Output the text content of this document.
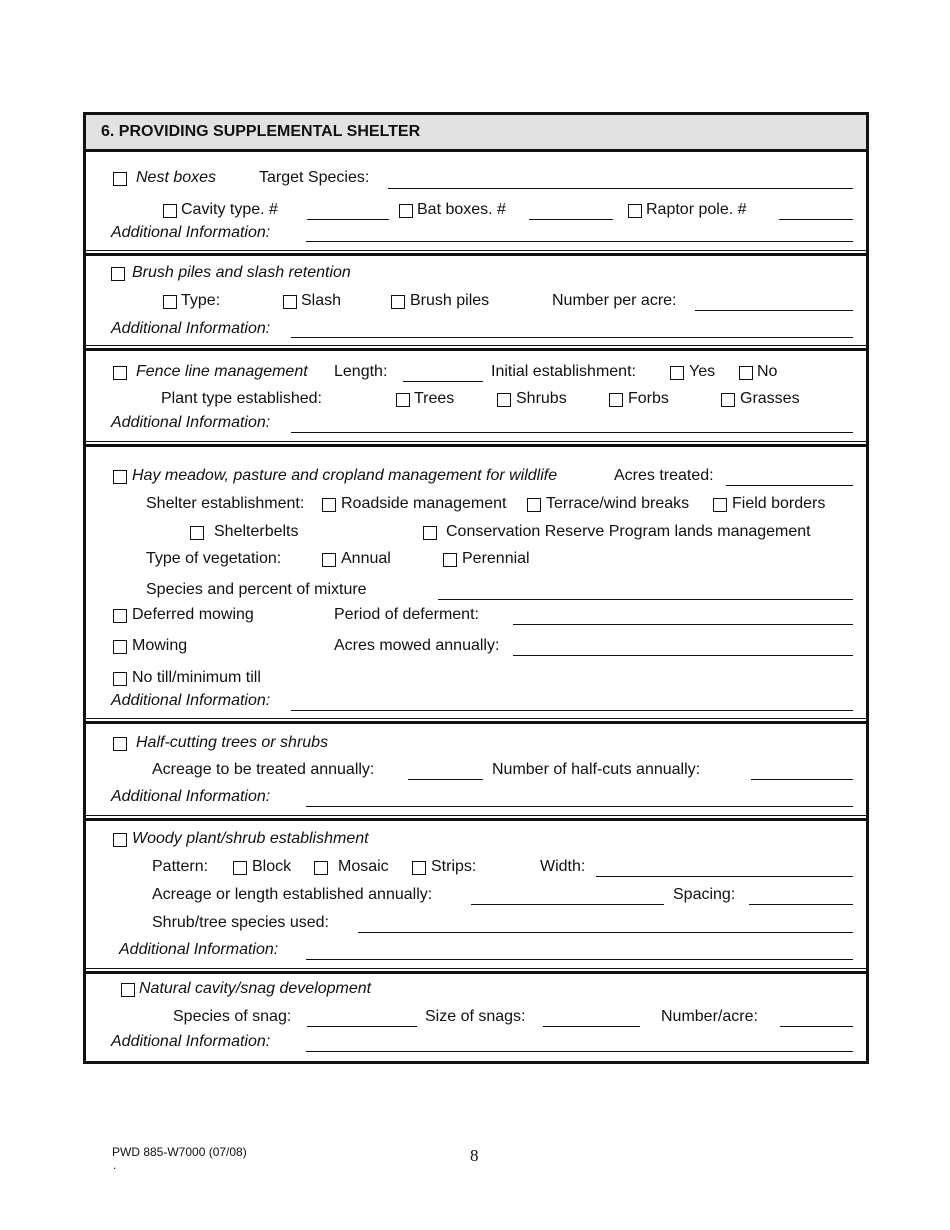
6. PROVIDING SUPPLEMENTAL SHELTER
Nest boxes	Target Species:
Cavity type. #	Bat boxes. #	Raptor pole. #
Additional Information:
Brush piles and slash retention
Type:	Slash	Brush piles	Number per acre:
Additional Information:
Fence line management Length:	Initial establishment:	Yes	No
Plant type established:	Trees	Shrubs	Forbs	Grasses
Additional Information:
Hay meadow, pasture and cropland management for wildlife	Acres treated:
Shelter establishment: Roadside management Terrace/wind breaks	Field borders
Shelterbelts	Conservation Reserve Program lands management
Type of vegetation:	Annual	Perennial
Species and percent of mixture
Deferred mowing	Period of deferment:
Mowing	Acres mowed annually:
No till/minimum till
Additional Information:
Half-cutting trees or shrubs
Acreage to be treated annually:	Number of half-cuts annually:
Additional Information:
Woody plant/shrub establishment
Pattern:	Block	Mosaic	Strips:	Width:
Acreage or length established annually:	Spacing:
Shrub/tree species used:
Additional Information:
Natural cavity/snag development
Species of snag:	Size of snags:	Number/acre:
Additional Information:
PWD 885-W7000 (07/08)
.	8
